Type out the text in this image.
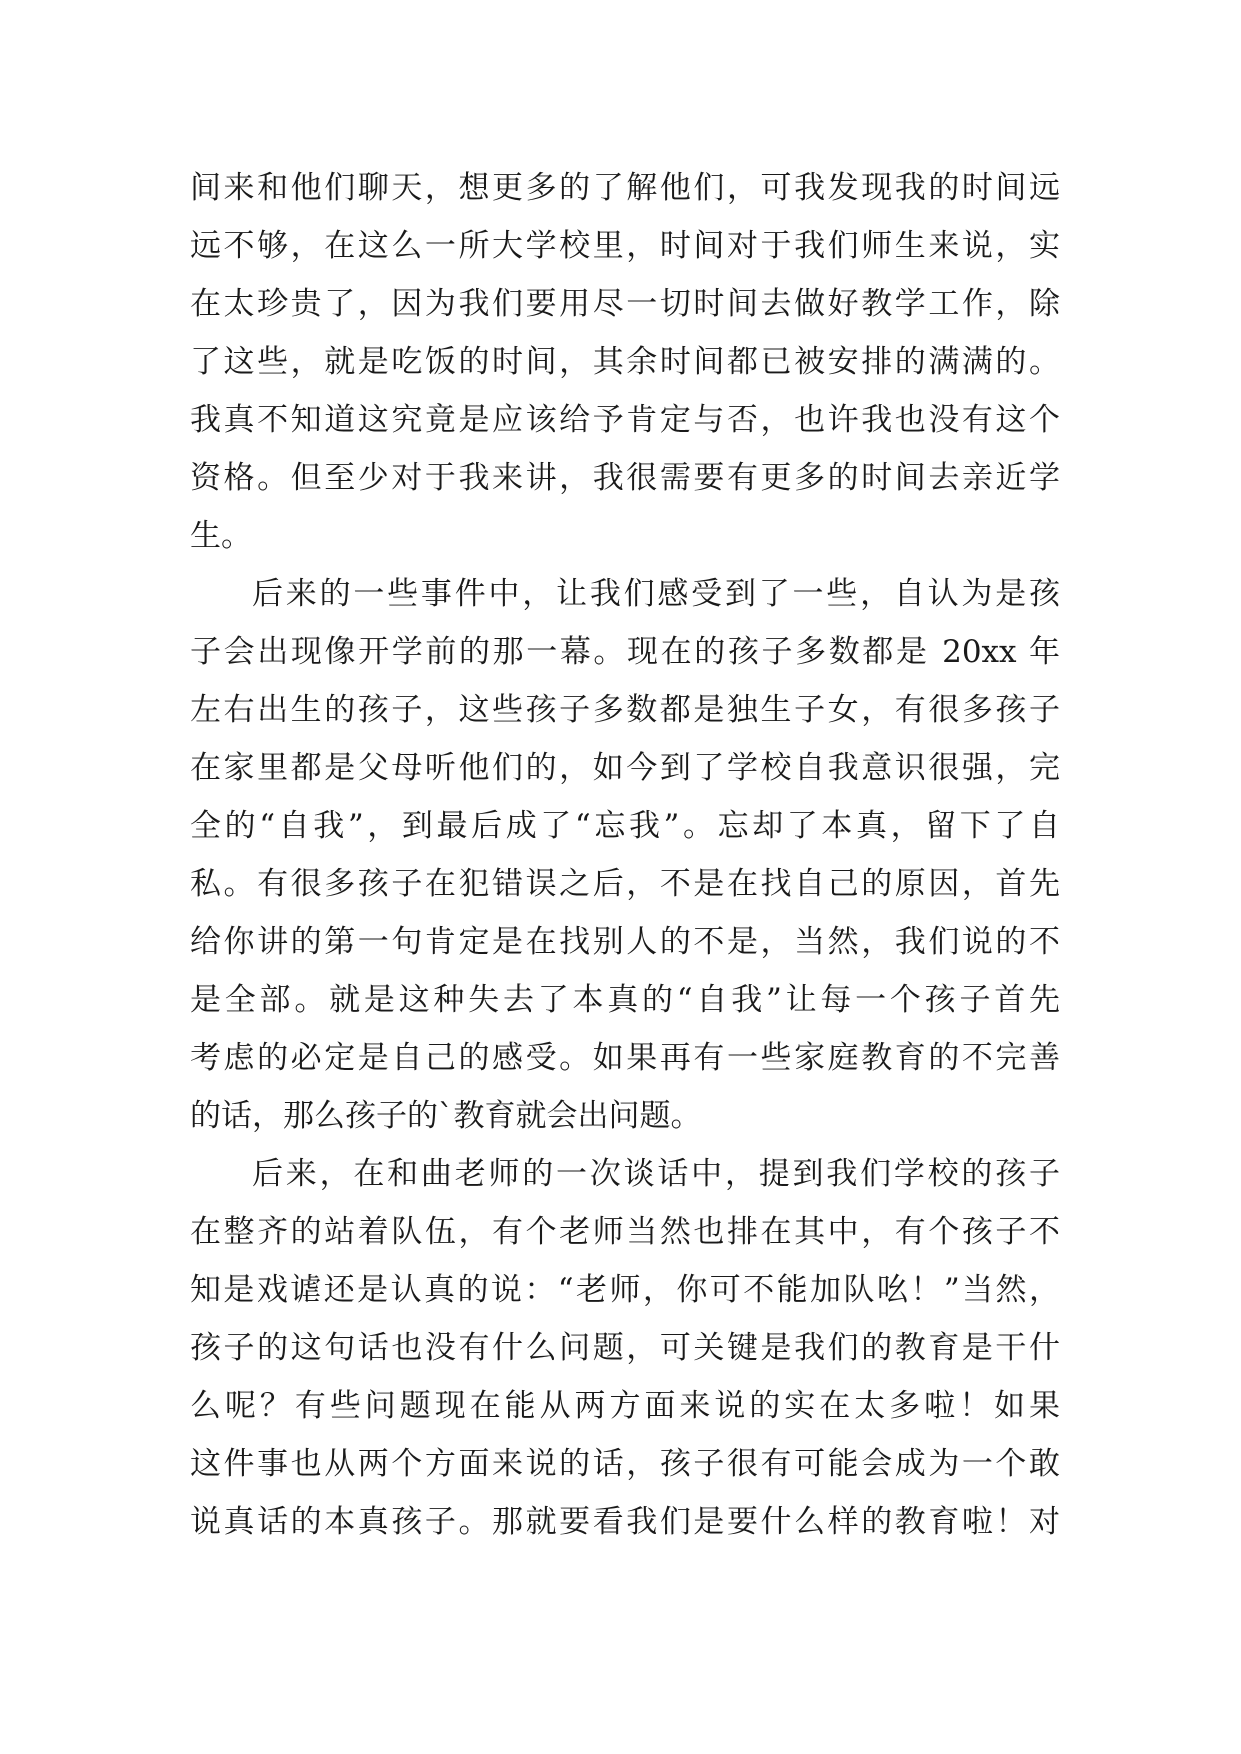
间来和他们聊天，想更多的了解他们，可我发现我的时间远
远不够，在这么一所大学校里，时间对于我们师生来说，实
在太珍贵了，因为我们要用尽一切时间去做好教学工作，除
了这些，就是吃饭的时间，其余时间都已被安排的满满的。
我真不知道这究竟是应该给予肯定与否，也许我也没有这个
资格。但至少对于我来讲，我很需要有更多的时间去亲近学
生。
后来的一些事件中，让我们感受到了一些，自认为是孩
子会出现像开学前的那一幕。现在的孩子多数都是 20xx 年
左右出生的孩子，这些孩子多数都是独生子女，有很多孩子
在家里都是父母听他们的，如今到了学校自我意识很强，完
全的“自我”，到最后成了“忘我”。忘却了本真，留下了自
私。有很多孩子在犯错误之后，不是在找自己的原因，首先
给你讲的第一句肯定是在找别人的不是，当然，我们说的不
是全部。就是这种失去了本真的“自我”让每一个孩子首先
考虑的必定是自己的感受。如果再有一些家庭教育的不完善
的话，那么孩子的`教育就会出问题。
后来，在和曲老师的一次谈话中，提到我们学校的孩子
在整齐的站着队伍，有个老师当然也排在其中，有个孩子不
知是戏谑还是认真的说：“老师，你可不能加队吆！”当然，
孩子的这句话也没有什么问题，可关键是我们的教育是干什
么呢？有些问题现在能从两方面来说的实在太多啦！如果
这件事也从两个方面来说的话，孩子很有可能会成为一个敢
说真话的本真孩子。那就要看我们是要什么样的教育啦！对
